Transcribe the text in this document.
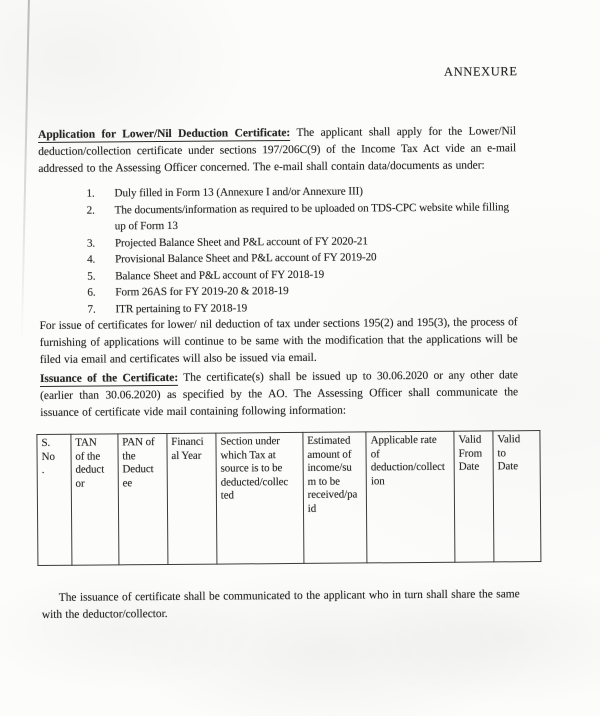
ANNEXURE

Application for Lower/Nil Deduction Certificate: The applicant shall apply for the Lower/Nil deduction/collection certificate under sections 197/206C(9) of the Income Tax Act vide an e-mail addressed to the Assessing Officer concerned. The e-mail shall contain data/documents as under:

1.	Duly filled in Form 13 (Annexure I and/or Annexure III)
2.	The documents/information as required to be uploaded on TDS-CPC website while filling up of Form 13
3.	Projected Balance Sheet and P&L account of FY 2020-21
4.	Provisional Balance Sheet and P&L account of FY 2019-20
5.	Balance Sheet and P&L account of FY 2018-19
6.	Form 26AS for FY 2019-20 & 2018-19
7.	ITR pertaining to FY 2018-19

For issue of certificates for lower/ nil deduction of tax under sections 195(2) and 195(3), the process of furnishing of applications will continue to be same with the modification that the applications will be filed via email and certificates will also be issued via email.

Issuance of the Certificate: The certificate(s) shall be issued up to 30.06.2020 or any other date (earlier than 30.06.2020) as specified by the AO. The Assessing Officer shall communicate the issuance of certificate vide mail containing following information:

S.
No
.	TAN
of the
deduct
or	PAN of
the
Deduct
ee	Financi
al Year	Section under
which Tax at
source is to be
deducted/collec
ted	Estimated
amount of
income/su
m to be
received/pa
id	Applicable rate
of
deduction/collect
ion	Valid
From
Date	Valid
to
Date

The issuance of certificate shall be communicated to the applicant who in turn shall share the same with the deductor/collector.
